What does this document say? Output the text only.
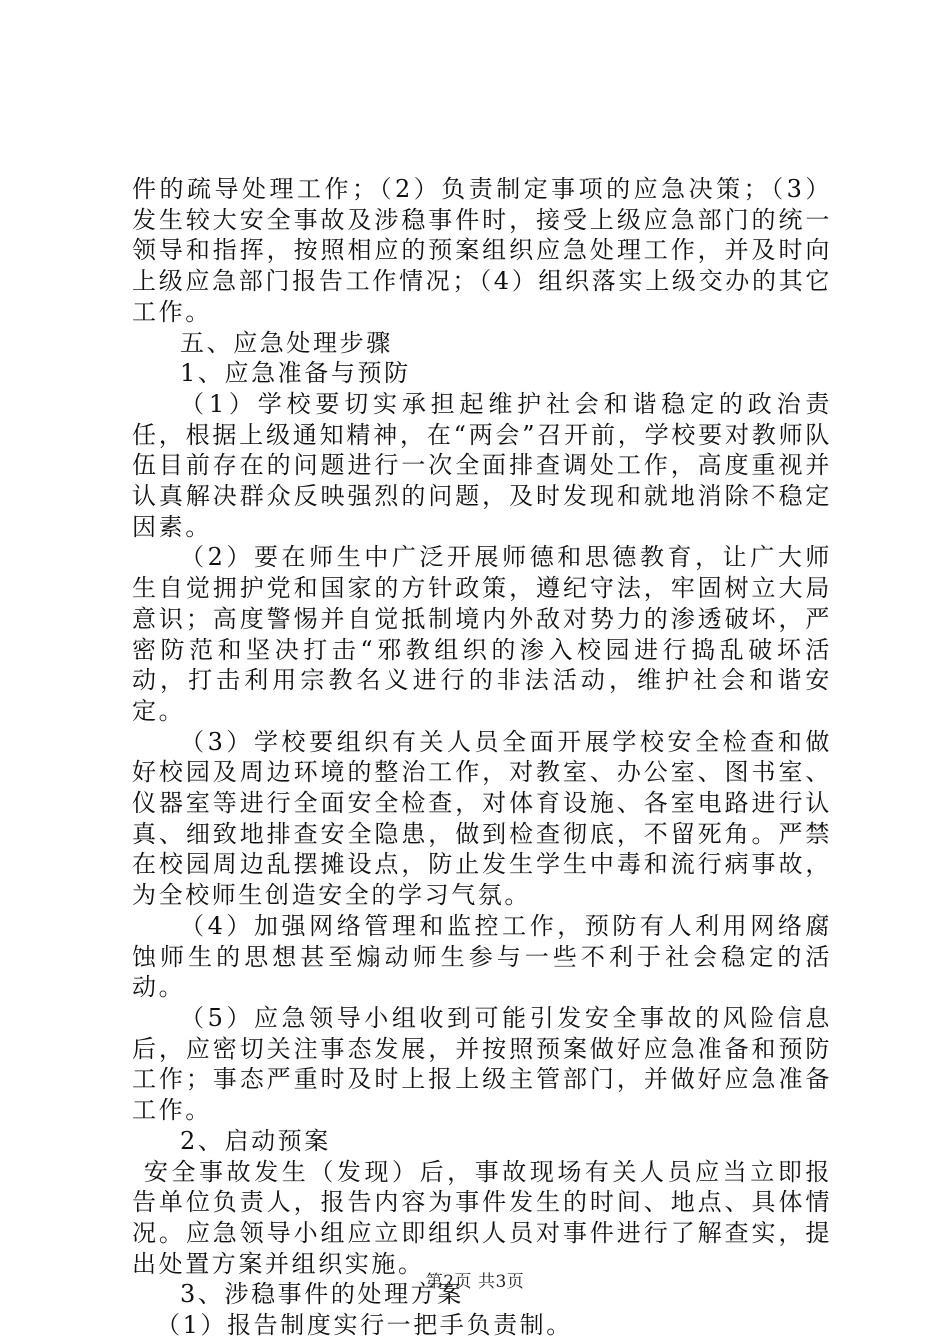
件的疏导处理工作；（2）负责制定事项的应急决策；（3）发生较大安全事故及涉稳事件时，接受上级应急部门的统一领导和指挥，按照相应的预案组织应急处理工作，并及时向上级应急部门报告工作情况；（4）组织落实上级交办的其它工作。

五、应急处理步骤

1、应急准备与预防

（1）学校要切实承担起维护社会和谐稳定的政治责任，根据上级通知精神，在“两会”召开前，学校要对教师队伍目前存在的问题进行一次全面排查调处工作，高度重视并认真解决群众反映强烈的问题，及时发现和就地消除不稳定因素。

（2）要在师生中广泛开展师德和思德教育，让广大师生自觉拥护党和国家的方针政策，遵纪守法，牢固树立大局意识；高度警惕并自觉抵制境内外敌对势力的渗透破坏，严密防范和坚决打击“邪教组织的渗入校园进行捣乱破坏活动，打击利用宗教名义进行的非法活动，维护社会和谐安定。

（3）学校要组织有关人员全面开展学校安全检查和做好校园及周边环境的整治工作，对教室、办公室、图书室、仪器室等进行全面安全检查，对体育设施、各室电路进行认真、细致地排查安全隐患，做到检查彻底，不留死角。严禁在校园周边乱摆摊设点，防止发生学生中毒和流行病事故，为全校师生创造安全的学习气氛。

（4）加强网络管理和监控工作，预防有人利用网络腐蚀师生的思想甚至煽动师生参与一些不利于社会稳定的活动。

（5）应急领导小组收到可能引发安全事故的风险信息后，应密切关注事态发展，并按照预案做好应急准备和预防工作；事态严重时及时上报上级主管部门，并做好应急准备工作。

2、启动预案

安全事故发生（发现）后，事故现场有关人员应当立即报告单位负责人，报告内容为事件发生的时间、地点、具体情况。应急领导小组应立即组织人员对事件进行了解查实，提出处置方案并组织实施。

3、涉稳事件的处理方案

（1）报告制度实行一把手负责制。

第2页 共3页
